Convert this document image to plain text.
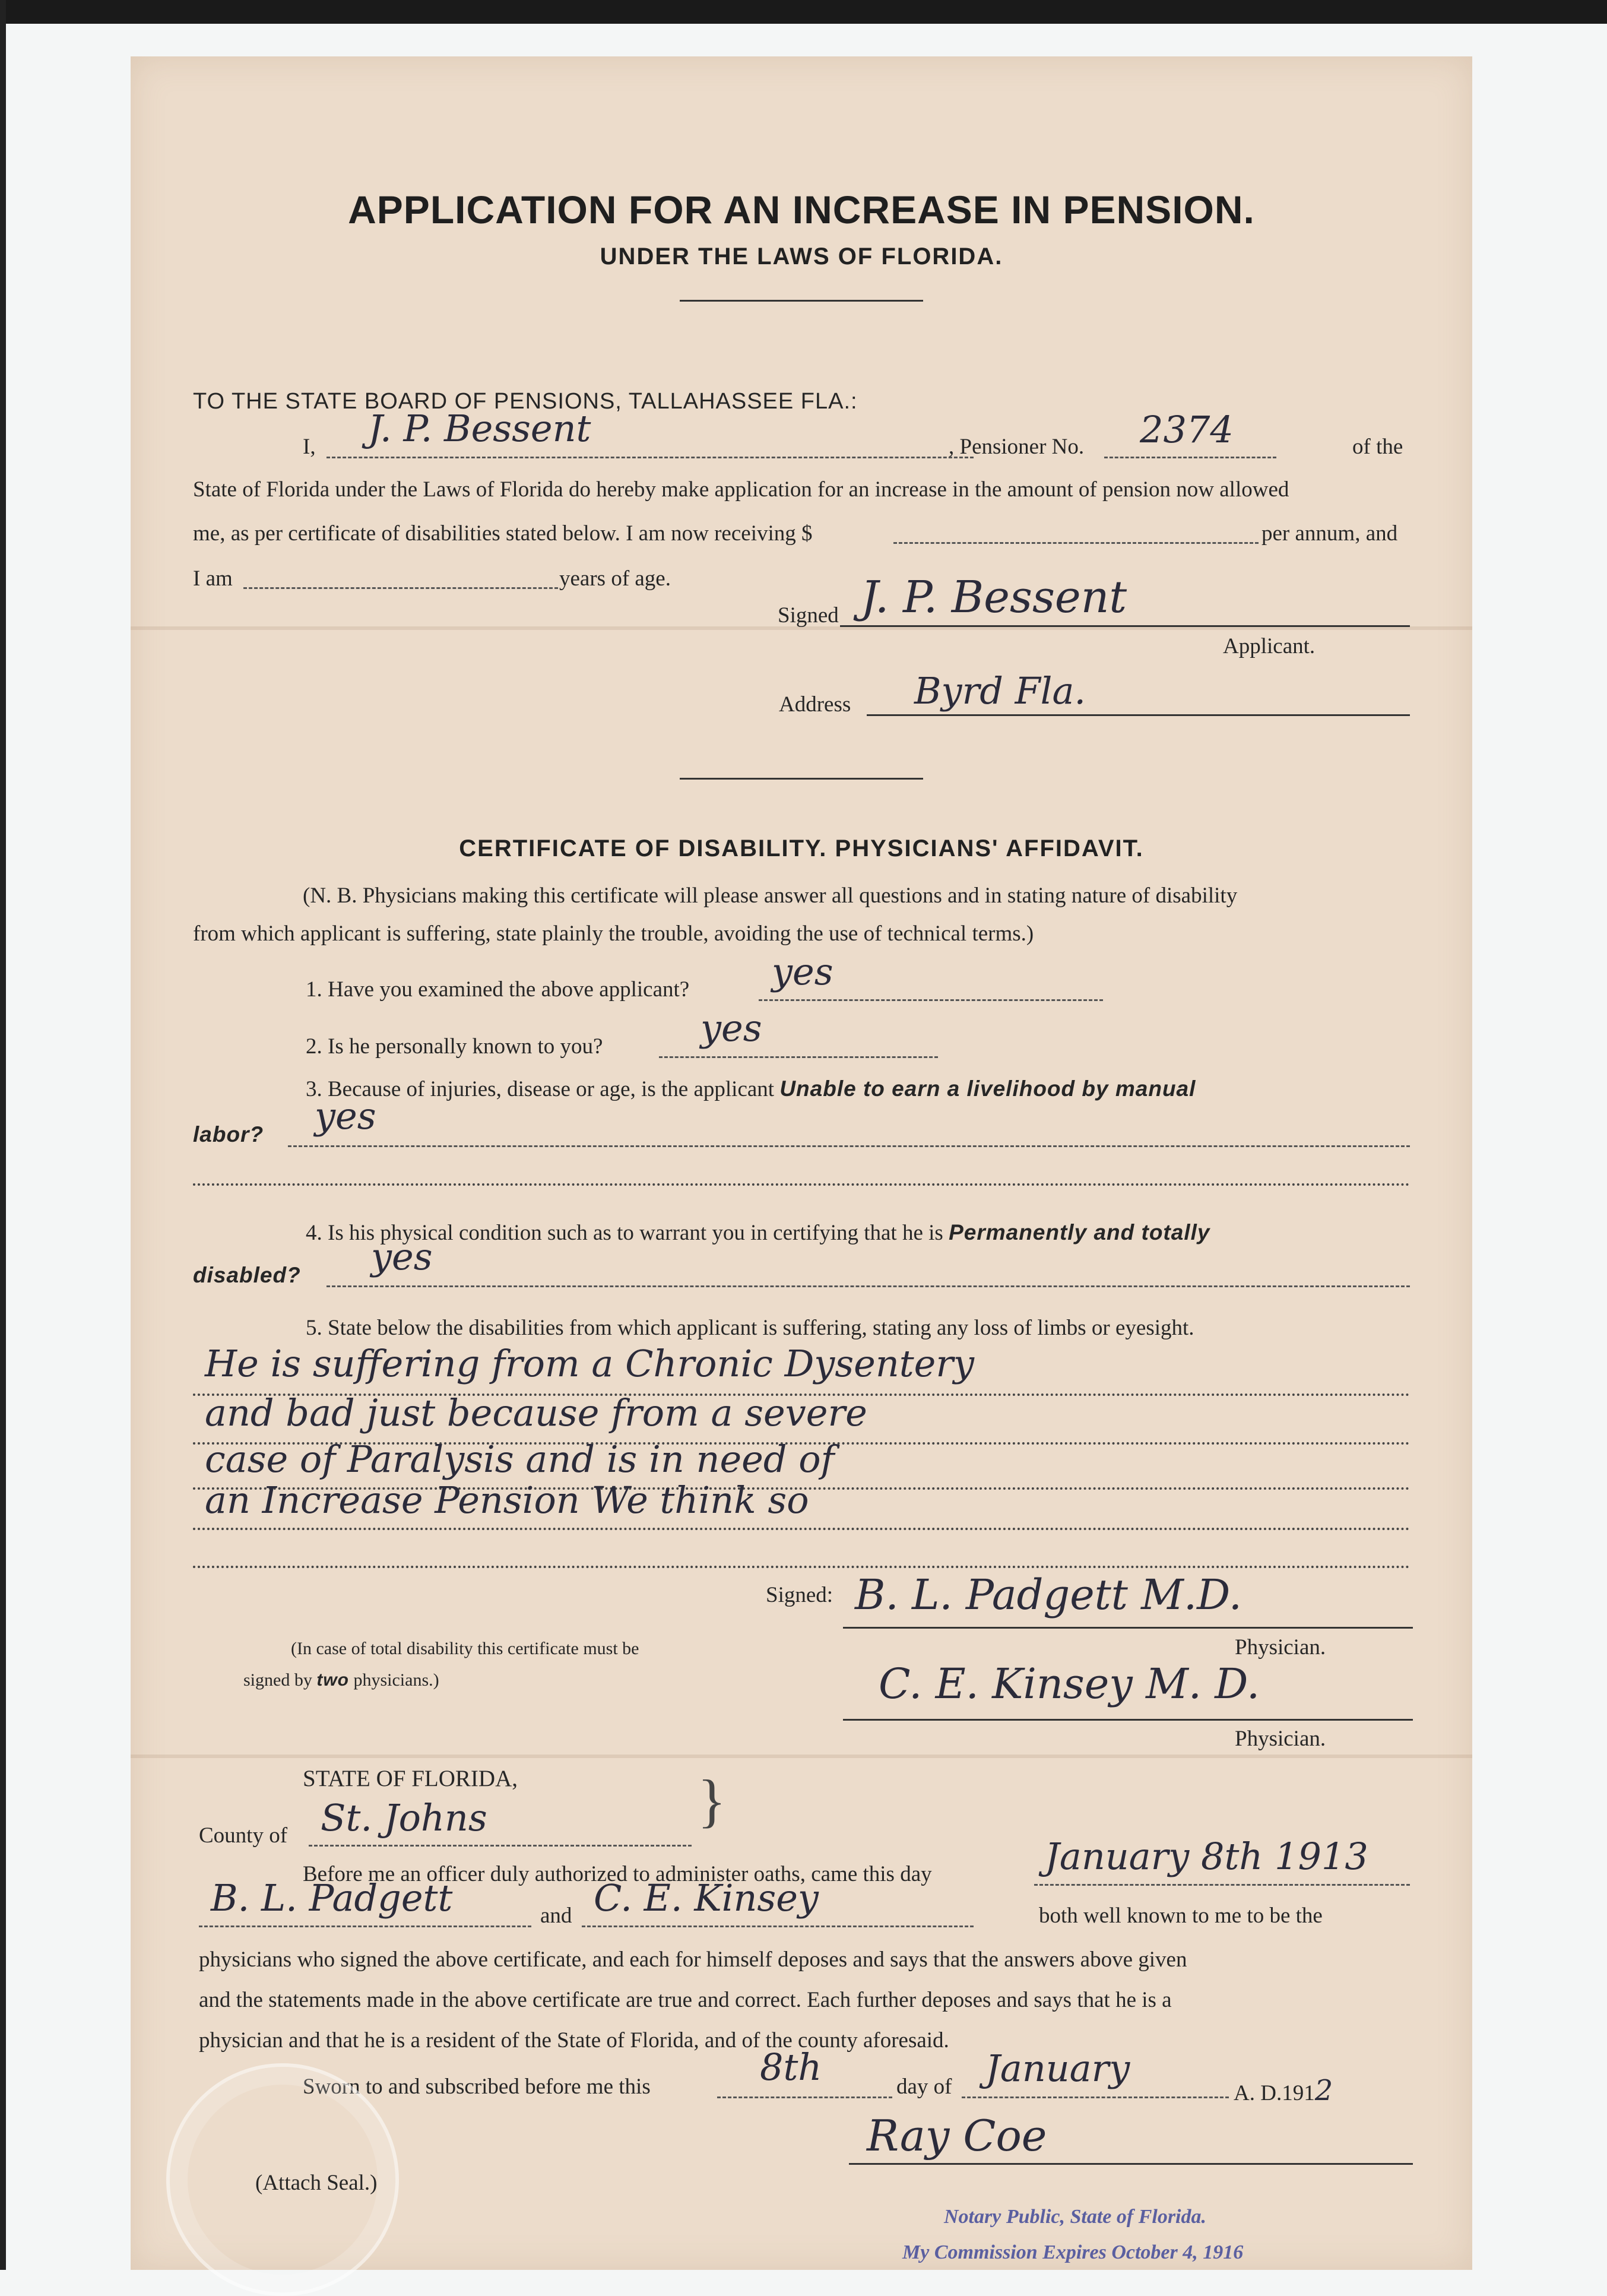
APPLICATION FOR AN INCREASE IN PENSION.
UNDER THE LAWS OF FLORIDA.
TO THE STATE BOARD OF PENSIONS, TALLAHASSEE FLA.:
I, J. P. Bessent	, Pensioner No. 2374	of the
State of Florida under the Laws of Florida do hereby make application for an increase in the amount of pension now allowed
me, as per certificate of disabilities stated below. I am now receiving $	per annum, and
I am	years of age.
Signed J. P. Bessent
Applicant.
Address Byrd Fla.
CERTIFICATE OF DISABILITY. PHYSICIANS' AFFIDAVIT.
(N. B. Physicians making this certificate will please answer all questions and in stating nature of disability
from which applicant is suffering, state plainly the trouble, avoiding the use of technical terms.)
1. Have you examined the above applicant? yes
2. Is he personally known to you?	yes
3. Because of injuries, disease or age, is the applicant Unable to earn a livelihood by manual
labor? yes
4. Is his physical condition such as to warrant you in certifying that he is Permanently and totally
disabled? yes
5. State below the disabilities from which applicant is suffering, stating any loss of limbs or eyesight.
He is suffering from a Chronic Dysentery
and bad just because from a severe
case of Paralysis and is in need of
an Increase Pension We think so
Signed: B. L. Padgett M.D.
Physician.
(In case of total disability this certificate must be
signed by two physicians.)	C. E. Kinsey M. D.
Physician.
STATE OF FLORIDA,	}
County of St. Johns
Before me an officer duly authorized to administer oaths, came this day	January 8th 1913
B. L. Padgett	and C. E. Kinsey	both well known to me to be the
physicians who signed the above certificate, and each for himself deposes and says that the answers above given
and the statements made in the above certificate are true and correct. Each further deposes and says that he is a
physician and that he is a resident of the State of Florida, and of the county aforesaid.
Sworn to and subscribed before me this	8th	day of January
A. D.1912
Ray Coe
(Attach Seal.)
Notary Public, State of Florida.
My Commission Expires October 4, 1916
